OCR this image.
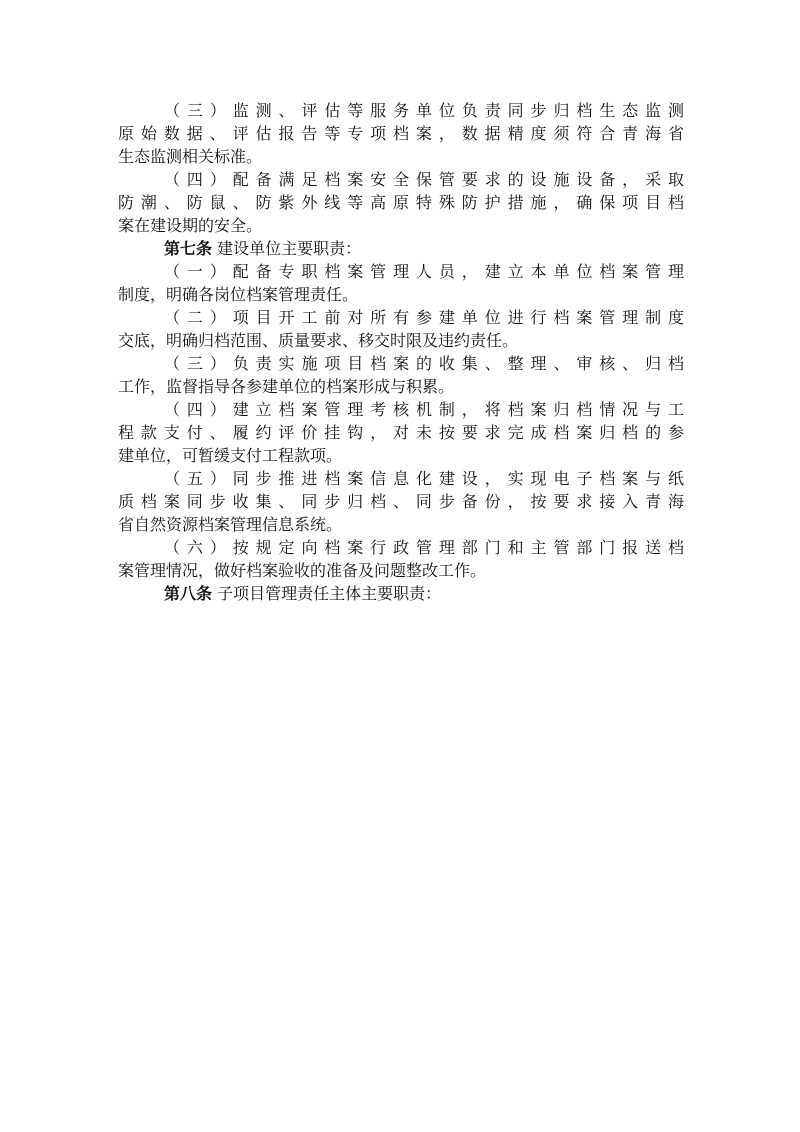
（三）监测、评估等服务单位负责同步归档生态监测
原始数据、评估报告等专项档案，数据精度须符合青海省
生态监测相关标准。
（四）配备满足档案安全保管要求的设施设备，采取
防潮、防鼠、防紫外线等高原特殊防护措施，确保项目档
案在建设期的安全。
第七条 建设单位主要职责：
（一）配备专职档案管理人员，建立本单位档案管理
制度，明确各岗位档案管理责任。
（二）项目开工前对所有参建单位进行档案管理制度
交底，明确归档范围、质量要求、移交时限及违约责任。
（三）负责实施项目档案的收集、整理、审核、归档
工作，监督指导各参建单位的档案形成与积累。
（四）建立档案管理考核机制，将档案归档情况与工
程款支付、履约评价挂钩，对未按要求完成档案归档的参
建单位，可暂缓支付工程款项。
（五）同步推进档案信息化建设，实现电子档案与纸
质档案同步收集、同步归档、同步备份，按要求接入青海
省自然资源档案管理信息系统。
（六）按规定向档案行政管理部门和主管部门报送档
案管理情况，做好档案验收的准备及问题整改工作。
第八条 子项目管理责任主体主要职责：
